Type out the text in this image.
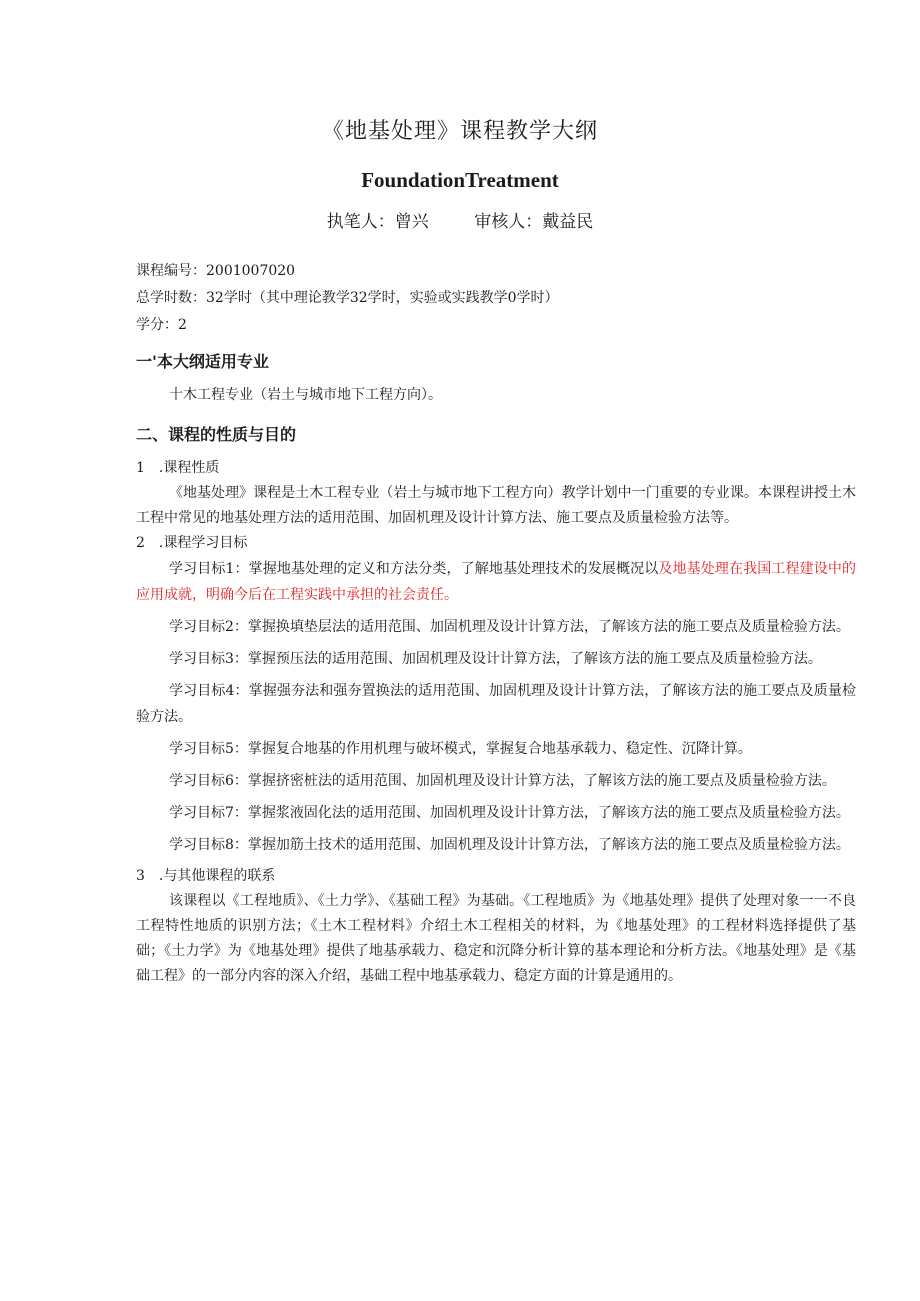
《地基处理》课程教学大纲
FoundationTreatment
执笔人：曾兴	审核人：戴益民

课程编号：2001007020

总学时数：32学时（其中理论教学32学时，实验或实践教学0学时）

学分：2

一'本大纲适用专业

十木工程专业（岩土与城市地下工程方向）。

二、课程的性质与目的

1　.课程性质

《地基处理》课程是土木工程专业（岩土与城市地下工程方向）教学计划中一门重要的专业课。本课程讲授土木工程中常见的地基处理方法的适用范围、加固机理及设计计算方法、施工要点及质量检验方法等。

2　.课程学习目标

学习目标1：掌握地基处理的定义和方法分类，了解地基处理技术的发展概况以及地基处理在我国工程建设中的应用成就，明确今后在工程实践中承担的社会责任。

学习目标2：掌握换填垫层法的适用范围、加固机理及设计计算方法，了解该方法的施工要点及质量检验方法。

学习目标3：掌握预压法的适用范围、加固机理及设计计算方法，了解该方法的施工要点及质量检验方法。

学习目标4：掌握强夯法和强夯置换法的适用范围、加固机理及设计计算方法，了解该方法的施工要点及质量检验方法。

学习目标5：掌握复合地基的作用机理与破坏模式，掌握复合地基承载力、稳定性、沉降计算。

学习目标6：掌握挤密桩法的适用范围、加固机理及设计计算方法，了解该方法的施工要点及质量检验方法。

学习目标7：掌握浆液固化法的适用范围、加固机理及设计计算方法，了解该方法的施工要点及质量检验方法。

学习目标8：掌握加筋土技术的适用范围、加固机理及设计计算方法，了解该方法的施工要点及质量检验方法。

3　.与其他课程的联系

该课程以《工程地质》、《土力学》、《基础工程》为基础。《工程地质》为《地基处理》提供了处理对象一一不良工程特性地质的识别方法；《土木工程材料》介绍土木工程相关的材料，为《地基处理》的工程材料选择提供了基础；《土力学》为《地基处理》提供了地基承载力、稳定和沉降分析计算的基本理论和分析方法。《地基处理》是《基础工程》的一部分内容的深入介绍，基础工程中地基承载力、稳定方面的计算是通用的。
